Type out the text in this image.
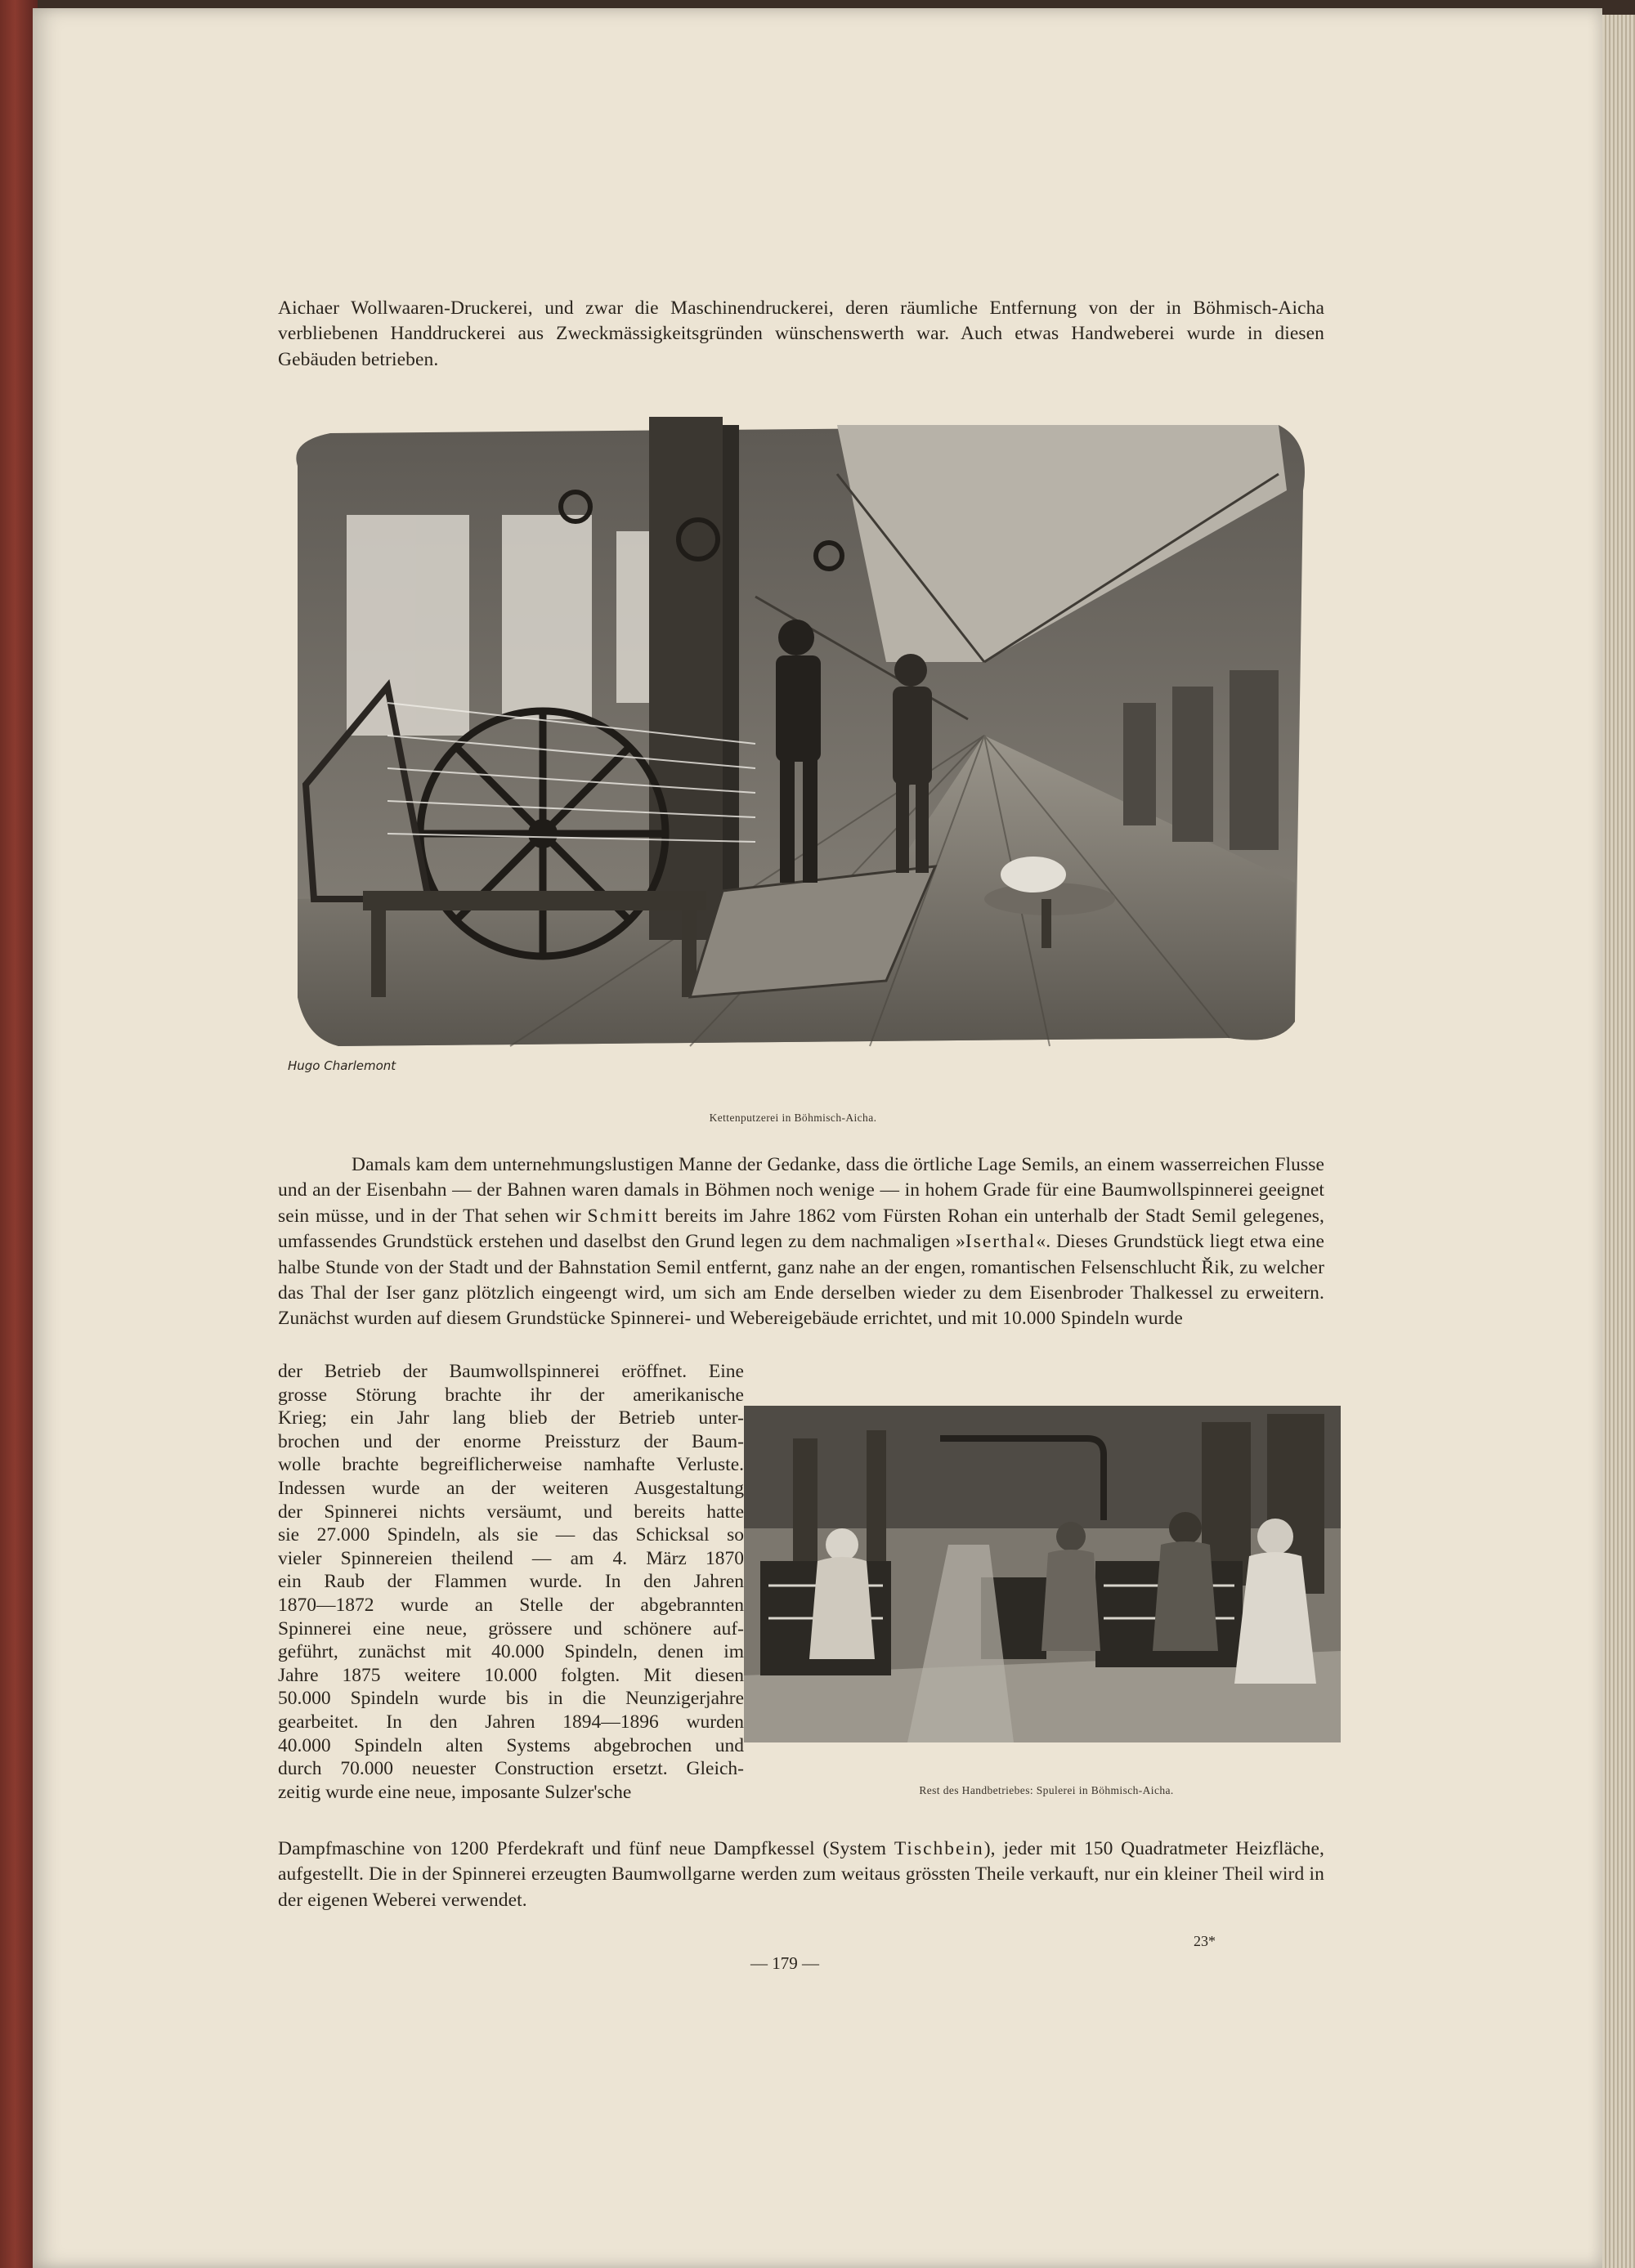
Aichaer Wollwaaren-Druckerei, und zwar die Maschinendruckerei, deren räumliche Entfernung von der in Böhmisch-Aicha verbliebenen Handdruckerei aus Zweckmässigkeitsgründen wünschenswerth war. Auch etwas Handweberei wurde in diesen Gebäuden betrieben.

Hugo Charlemont
Kettenputzerei in Böhmisch-Aicha.

Damals kam dem unternehmungslustigen Manne der Gedanke, dass die örtliche Lage Semils, an einem wasserreichen Flusse und an der Eisenbahn — der Bahnen waren damals in Böhmen noch wenige — in hohem Grade für eine Baumwollspinnerei geeignet sein müsse, und in der That sehen wir Schmitt bereits im Jahre 1862 vom Fürsten Rohan ein unterhalb der Stadt Semil gelegenes, umfassendes Grundstück erstehen und daselbst den Grund legen zu dem nachmaligen »Iserthal«. Dieses Grundstück liegt etwa eine halbe Stunde von der Stadt und der Bahnstation Semil entfernt, ganz nahe an der engen, romantischen Felsenschlucht Řik, zu welcher das Thal der Iser ganz plötzlich eingeengt wird, um sich am Ende derselben wieder zu dem Eisenbroder Thalkessel zu erweitern. Zunächst wurden auf diesem Grundstücke Spinnerei- und Webereigebäude errichtet, und mit 10.000 Spindeln wurde

der Betrieb der Baumwollspinnerei eröffnet. Eine
grosse Störung brachte ihr der amerikanische
Krieg; ein Jahr lang blieb der Betrieb unter-
brochen und der enorme Preissturz der Baum-
wolle brachte begreiflicherweise namhafte Verluste.
Indessen wurde an der weiteren Ausgestaltung
der Spinnerei nichts versäumt, und bereits hatte
sie 27.000 Spindeln, als sie — das Schicksal so
vieler Spinnereien theilend — am 4. März 1870
ein Raub der Flammen wurde. In den Jahren
1870—1872 wurde an Stelle der abgebrannten
Spinnerei eine neue, grössere und schönere auf-
geführt, zunächst mit 40.000 Spindeln, denen im
Jahre 1875 weitere 10.000 folgten. Mit diesen
50.000 Spindeln wurde bis in die Neunzigerjahre
gearbeitet. In den Jahren 1894—1896 wurden
40.000 Spindeln alten Systems abgebrochen und
durch 70.000 neuester Construction ersetzt. Gleich-
zeitig wurde eine neue, imposante Sulzer'sche	Rest des Handbetriebes: Spulerei in Böhmisch-Aicha.

Dampfmaschine von 1200 Pferdekraft und fünf neue Dampfkessel (System Tischbein), jeder mit 150 Quadratmeter Heizfläche, aufgestellt. Die in der Spinnerei erzeugten Baumwollgarne werden zum weitaus grössten Theile verkauft, nur ein kleiner Theil wird in der eigenen Weberei verwendet.

— 179 —
23*
